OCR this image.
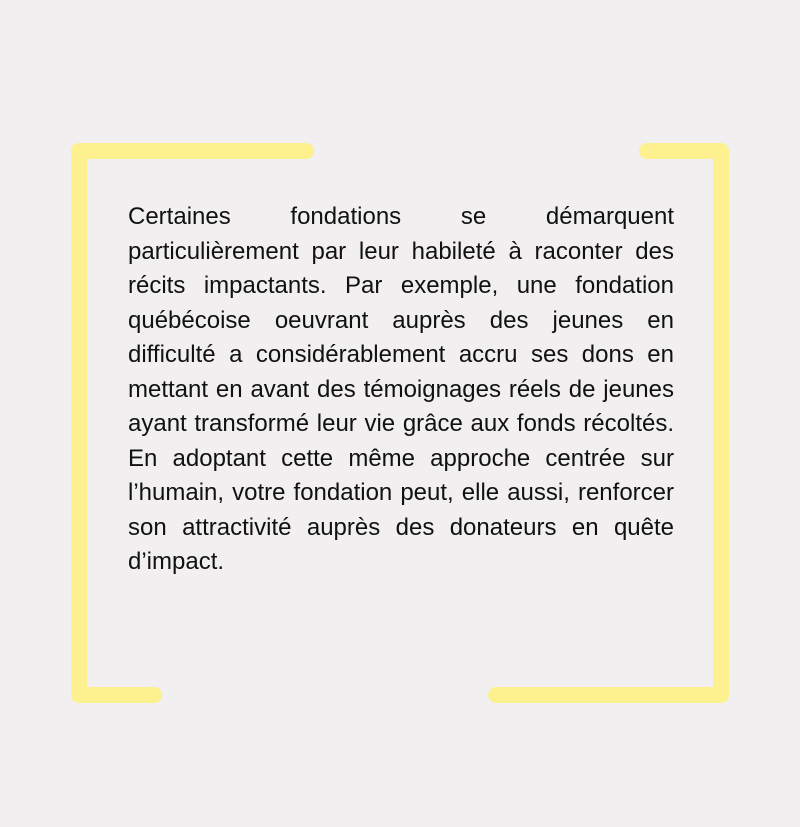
Certaines fondations se démarquent particulièrement par leur habileté à raconter des récits impactants. Par exemple, une fondation québécoise oeuvrant auprès des jeunes en difficulté a considérablement accru ses dons en mettant en avant des témoignages réels de jeunes ayant transformé leur vie grâce aux fonds récoltés. En adoptant cette même approche centrée sur l’humain, votre fondation peut, elle aussi, renforcer son attractivité auprès des donateurs en quête d’impact.
